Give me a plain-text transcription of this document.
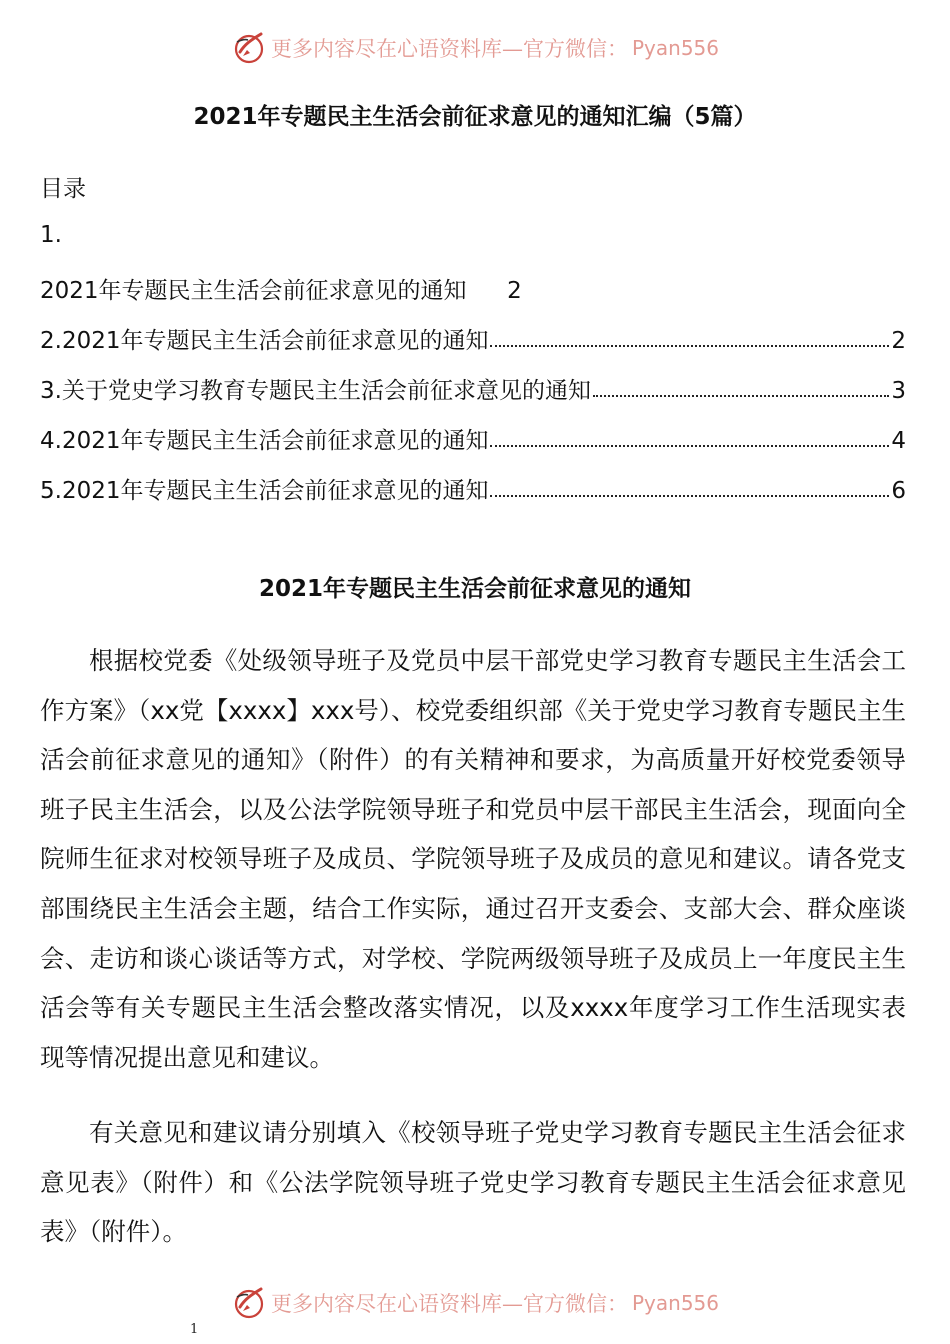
更多内容尽在心语资料库—官方微信： Pyan556
2021年专题民主生活会前征求意见的通知汇编（5篇）
目录
1.
2021年专题民主生活会前征求意见的通知 2
2.2021年专题民主生活会前征求意见的通知	2
3.关于党史学习教育专题民主生活会前征求意见的通知	3
4.2021年专题民主生活会前征求意见的通知	4
5.2021年专题民主生活会前征求意见的通知	6
2021年专题民主生活会前征求意见的通知

根据校党委《处级领导班子及党员中层干部党史学习教育专题民主生活会工作方案》（xx党【xxxx】xxx号）、校党委组织部《关于党史学习教育专题民主生活会前征求意见的通知》（附件）的有关精神和要求，为高质量开好校党委领导班子民主生活会，以及公法学院领导班子和党员中层干部民主生活会，现面向全院师生征求对校领导班子及成员、学院领导班子及成员的意见和建议。请各党支部围绕民主生活会主题，结合工作实际，通过召开支委会、支部大会、群众座谈会、走访和谈心谈话等方式，对学校、学院两级领导班子及成员上一年度民主生活会等有关专题民主生活会整改落实情况，以及xxxx年度学习工作生活现实表现等情况提出意见和建议。

有关意见和建议请分别填入《校领导班子党史学习教育专题民主生活会征求意见表》（附件）和《公法学院领导班子党史学习教育专题民主生活会征求意见表》（附件）。

更多内容尽在心语资料库—官方微信： Pyan556
1
